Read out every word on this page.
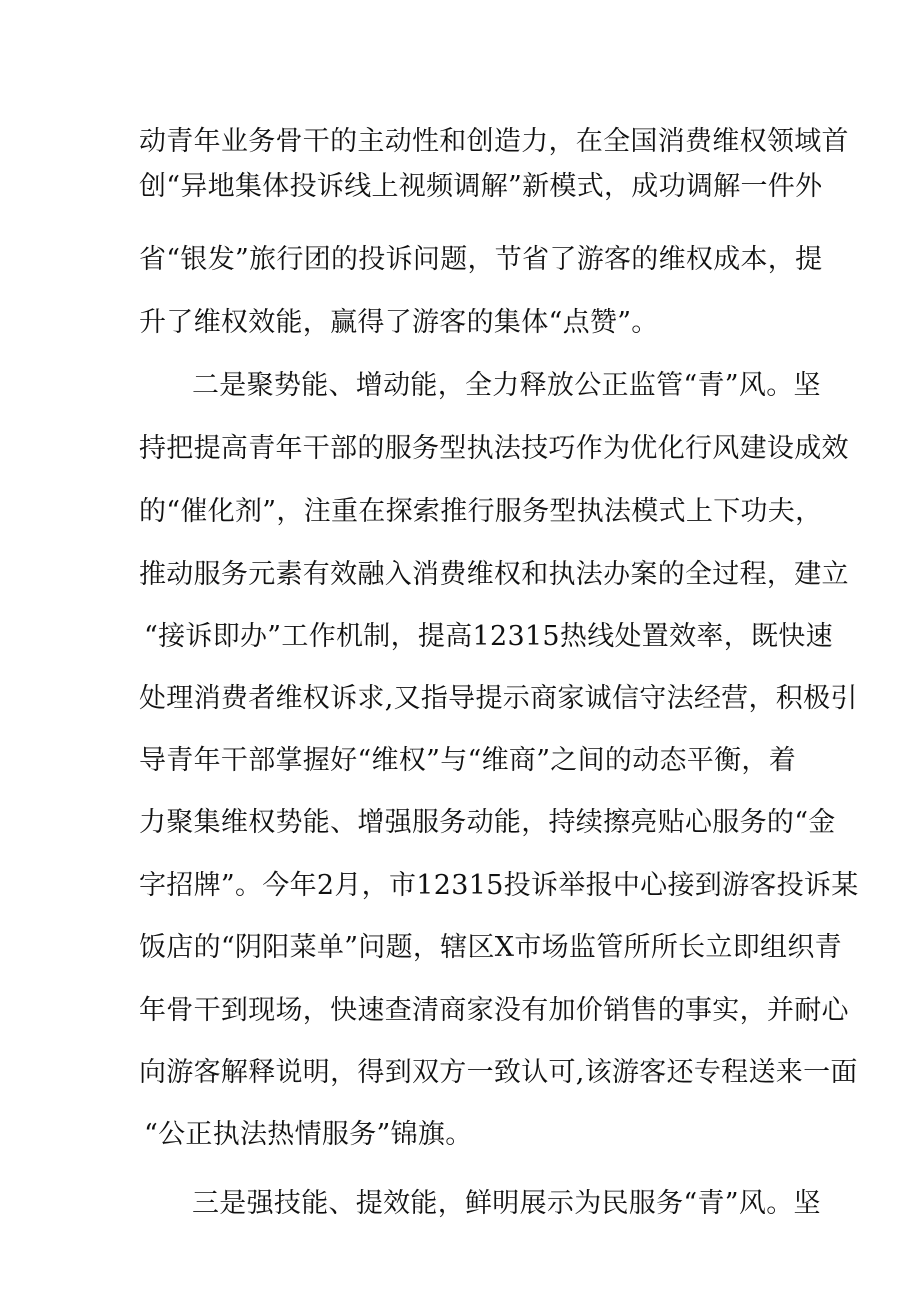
动青年业务骨干的主动性和创造力，在全国消费维权领域首
创“异地集体投诉线上视频调解”新模式，成功调解一件外
省“银发”旅行团的投诉问题，节省了游客的维权成本，提
升了维权效能，赢得了游客的集体“点赞”。
二是聚势能、增动能，全力释放公正监管“青”风。坚
持把提高青年干部的服务型执法技巧作为优化行风建设成效
的“催化剂”，注重在探索推行服务型执法模式上下功夫，
推动服务元素有效融入消费维权和执法办案的全过程，建立
“接诉即办”工作机制，提高12315热线处置效率，既快速
处理消费者维权诉求,又指导提示商家诚信守法经营，积极引
导青年干部掌握好“维权”与“维商”之间的动态平衡，着
力聚集维权势能、增强服务动能，持续擦亮贴心服务的“金
字招牌”。今年2月，市12315投诉举报中心接到游客投诉某
饭店的“阴阳菜单”问题，辖区X市场监管所所长立即组织青
年骨干到现场，快速查清商家没有加价销售的事实，并耐心
向游客解释说明，得到双方一致认可,该游客还专程送来一面
“公正执法热情服务”锦旗。
三是强技能、提效能，鲜明展示为民服务“青”风。坚
